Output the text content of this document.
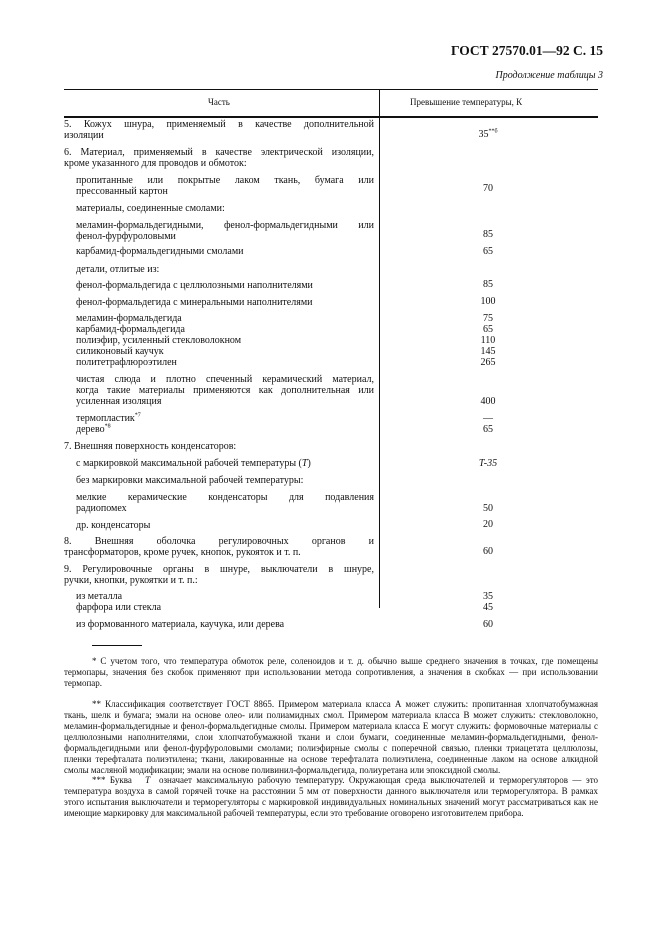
ГОСТ 27570.01—92 С. 15
Продолжение таблицы 3
Часть	Превышение температуры, К
5. Кожух шнура, применяемый в качестве дополнительной
изоляции	$35^{**б}$
6. Материал, применяемый в качестве электрической изоляции,
кроме указанного для проводов и обмоток:
пропитанные или покрытые лаком ткань, бумага или
прессованный картон	70
материалы, соединенные смолами:
меламин-формальдегидными, фенол-формальдегидными или
фенол-фурфуроловыми	85
карбамид-формальдегидными смолами	65
детали, отлитые из:
фенол-формальдегида с целлюлозными наполнителями	85
фенол-формальдегида с минеральными наполнителями	100
меламин-формальдегида	75
карбамид-формальдегида	65
полиэфир, усиленный стекловолокном	110
силиконовый каучук	145
политетрафлюроэтилен	265
чистая слюда и плотно спеченный керамический материал,
когда такие материалы применяются как дополнительная или
усиленная изоляция	400
термопластик$^{*7}$	—
дерево$^{*8}$	65
7. Внешняя поверхность конденсаторов:
с маркировкой максимальной рабочей температуры (T)	T-35
без маркировки максимальной рабочей температуры:
мелкие керамические конденсаторы для подавления
радиопомех	50
др. конденсаторы	20
8. Внешняя оболочка регулировочных органов и
трансформаторов, кроме ручек, кнопок, рукояток и т. п.	60
9. Регулировочные органы в шнуре, выключатели в шнуре,
ручки, кнопки, рукоятки и т. п.:
из металла	35
фарфора или стекла	45
из формованного материала, каучука, или дерева	60
* С учетом того, что температура обмоток реле, соленоидов и т. д. обычно выше среднего значения в точках, где помещены термопары, значения без скобок применяют при использовании метода сопротивления, а значения в скобках — при использовании термопар.
** Классификация соответствует ГОСТ 8865. Примером материала класса А может служить: пропитанная хлопчатобумажная ткань, шелк и бумага; эмали на основе олео- или полиамидных смол. Примером материала класса В может служить: стекловолокно, меламин-формальдегидные и фенол-формальдегидные смолы. Примером материала класса Е могут служить: формовочные материалы с целлюлозными наполнителями, слои хлопчатобумажной ткани и слои бумаги, соединенные меламин-формальдегидными, фенол-формальдегидными или фенол-фурфуроловыми смолами; полиэфирные смолы с поперечной связью, пленки триацетата целлюлозы, пленки терефталата полиэтилена; ткани, лакированные на основе терефталата полиэтилена, соединенные лаком на основе алкидной смолы масляной модификации; эмали на основе поливинил-формальдегида, полиуретана или эпоксидной смолы.
*** Буква T означает максимальную рабочую температуру. Окружающая среда выключателей и терморегуляторов — это температура воздуха в самой горячей точке на расстоянии 5 мм от поверхности данного выключателя или терморегулятора. В рамках этого испытания выключатели и терморегуляторы с маркировкой индивидуальных номинальных значений могут рассматриваться как не имеющие маркировку для максимальной рабочей температуры, если это требование оговорено изготовителем прибора.
